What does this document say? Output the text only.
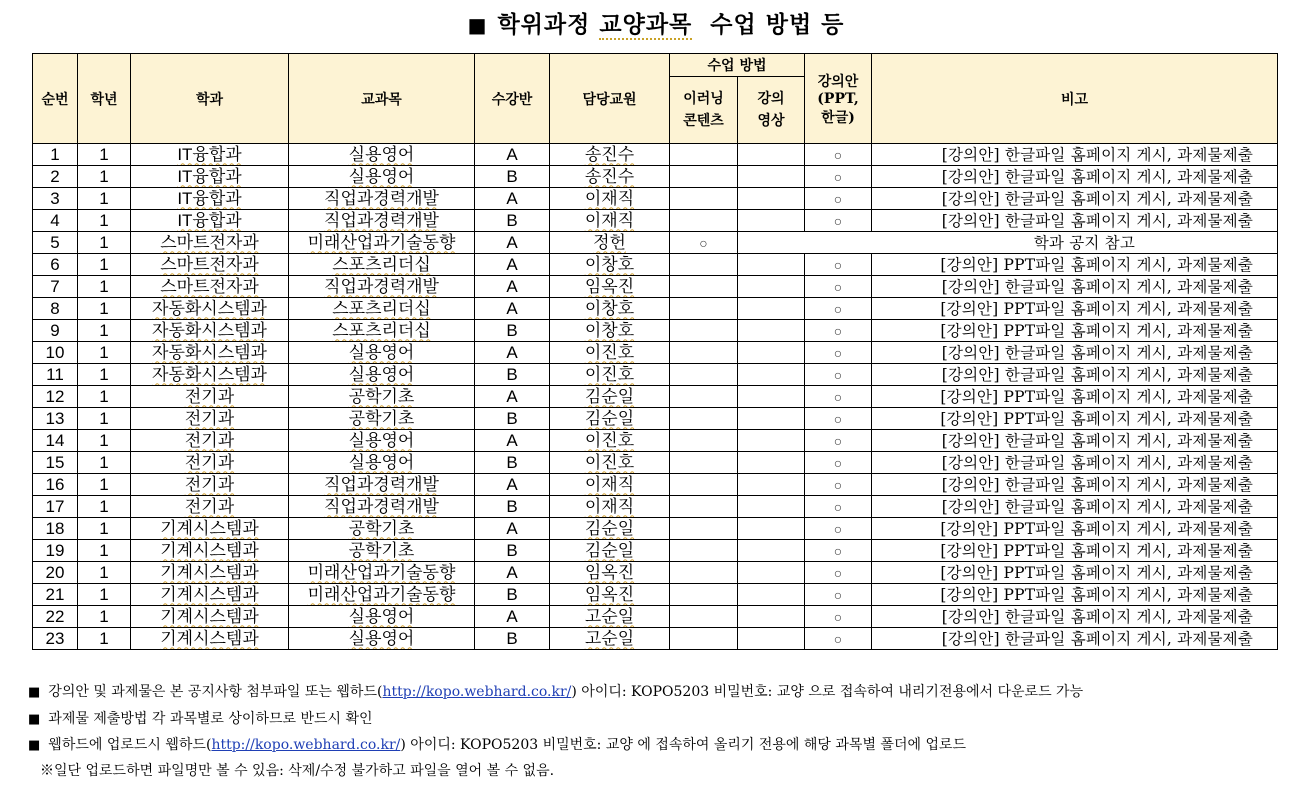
■ 학위과정 교양과목 수업 방법 등
순번	학년	학과	교과목	수강반	담당교원	수업 방법		강의안 (PPT, 한글)	비고
						이러닝 콘텐츠	강의 영상		
1	1	IT융합과	실용영어	A	송진수			○	[강의안] 한글파일 홈페이지 게시, 과제물제출
2	1	IT융합과	실용영어	B	송진수			○	[강의안] 한글파일 홈페이지 게시, 과제물제출
3	1	IT융합과	직업과경력개발	A	이재직			○	[강의안] 한글파일 홈페이지 게시, 과제물제출
4	1	IT융합과	직업과경력개발	B	이재직			○	[강의안] 한글파일 홈페이지 게시, 과제물제출
5	1	스마트전자과	미래산업과기술동향	A	정헌	○	학과 공지 참고		
6	1	스마트전자과	스포츠리더십	A	이창호			○	[강의안] PPT파일 홈페이지 게시, 과제물제출
7	1	스마트전자과	직업과경력개발	A	임옥진			○	[강의안] 한글파일 홈페이지 게시, 과제물제출
8	1	자동화시스템과	스포츠리더십	A	이창호			○	[강의안] PPT파일 홈페이지 게시, 과제물제출
9	1	자동화시스템과	스포츠리더십	B	이창호			○	[강의안] PPT파일 홈페이지 게시, 과제물제출
10	1	자동화시스템과	실용영어	A	이진호			○	[강의안] 한글파일 홈페이지 게시, 과제물제출
11	1	자동화시스템과	실용영어	B	이진호			○	[강의안] 한글파일 홈페이지 게시, 과제물제출
12	1	전기과	공학기초	A	김순일			○	[강의안] PPT파일 홈페이지 게시, 과제물제출
13	1	전기과	공학기초	B	김순일			○	[강의안] PPT파일 홈페이지 게시, 과제물제출
14	1	전기과	실용영어	A	이진호			○	[강의안] 한글파일 홈페이지 게시, 과제물제출
15	1	전기과	실용영어	B	이진호			○	[강의안] 한글파일 홈페이지 게시, 과제물제출
16	1	전기과	직업과경력개발	A	이재직			○	[강의안] 한글파일 홈페이지 게시, 과제물제출
17	1	전기과	직업과경력개발	B	이재직			○	[강의안] 한글파일 홈페이지 게시, 과제물제출
18	1	기계시스템과	공학기초	A	김순일			○	[강의안] PPT파일 홈페이지 게시, 과제물제출
19	1	기계시스템과	공학기초	B	김순일			○	[강의안] PPT파일 홈페이지 게시, 과제물제출
20	1	기계시스템과	미래산업과기술동향	A	임옥진			○	[강의안] PPT파일 홈페이지 게시, 과제물제출
21	1	기계시스템과	미래산업과기술동향	B	임옥진			○	[강의안] PPT파일 홈페이지 게시, 과제물제출
22	1	기계시스템과	실용영어	A	고순일			○	[강의안] 한글파일 홈페이지 게시, 과제물제출
23	1	기계시스템과	실용영어	B	고순일			○	[강의안] 한글파일 홈페이지 게시, 과제물제출
■ 강의안 및 과제물은 본 공지사항 첨부파일 또는 웹하드(http://kopo.webhard.co.kr/) 아이디: KOPO5203 비밀번호: 교양 으로 접속하여 내리기전용에서 다운로드 가능
■ 과제물 제출방법 각 과목별로 상이하므로 반드시 확인
■ 웹하드에 업로드시 웹하드(http://kopo.webhard.co.kr/) 아이디: KOPO5203 비밀번호: 교양 에 접속하여 올리기 전용에 해당 과목별 폴더에 업로드
※일단 업로드하면 파일명만 볼 수 있음: 삭제/수정 불가하고 파일을 열어 볼 수 없음.
